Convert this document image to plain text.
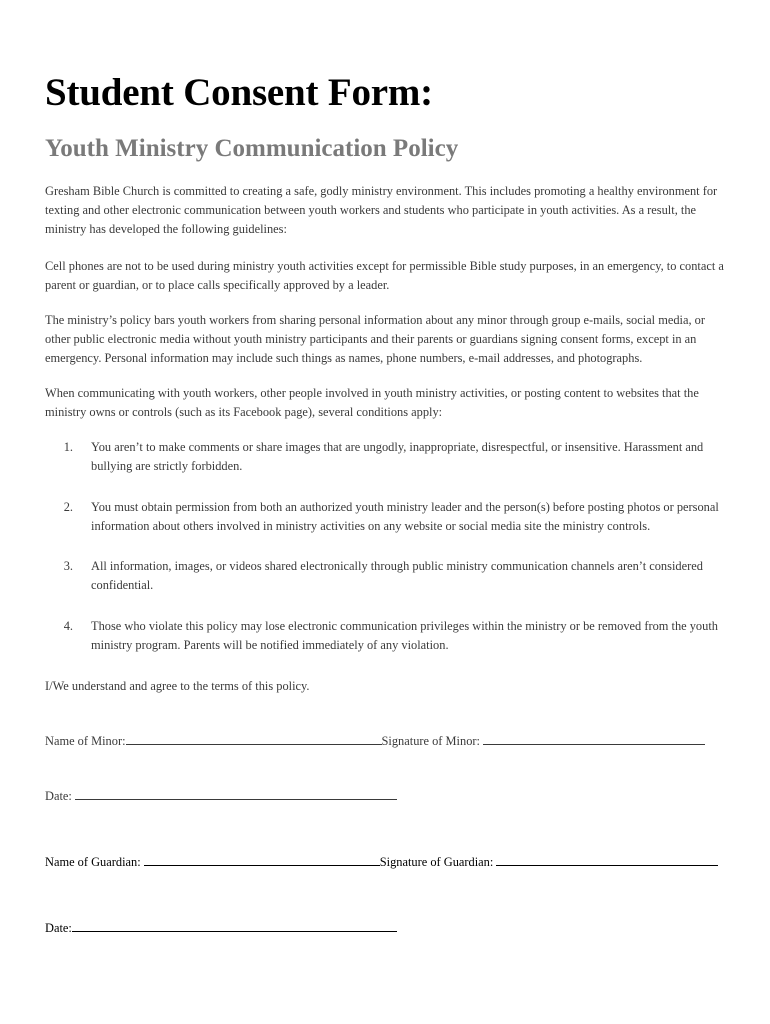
Student Consent Form:
Youth Ministry Communication Policy

Gresham Bible Church is committed to creating a safe, godly ministry environment. This includes promoting a healthy environment for texting and other electronic communication between youth workers and students who participate in youth activities. As a result, the ministry has developed the following guidelines:

Cell phones are not to be used during ministry youth activities except for permissible Bible study purposes, in an emergency, to contact a parent or guardian, or to place calls specifically approved by a leader.

The ministry’s policy bars youth workers from sharing personal information about any minor through group e-mails, social media, or other public electronic media without youth ministry participants and their parents or guardians signing consent forms, except in an emergency. Personal information may include such things as names, phone numbers, e-mail addresses, and photographs.

When communicating with youth workers, other people involved in youth ministry activities, or posting content to websites that the ministry owns or controls (such as its Facebook page), several conditions apply:

1. You aren’t to make comments or share images that are ungodly, inappropriate, disrespectful, or insensitive. Harassment and bullying are strictly forbidden.

2. You must obtain permission from both an authorized youth ministry leader and the person(s) before posting photos or personal information about others involved in ministry activities on any website or social media site the ministry controls.

3. All information, images, or videos shared electronically through public ministry communication channels aren’t considered confidential.

4. Those who violate this policy may lose electronic communication privileges within the ministry or be removed from the youth ministry program. Parents will be notified immediately of any violation.

I/We understand and agree to the terms of this policy.

Name of Minor:	Signature of Minor:
Date:
Name of Guardian:	Signature of Guardian:
Date:
